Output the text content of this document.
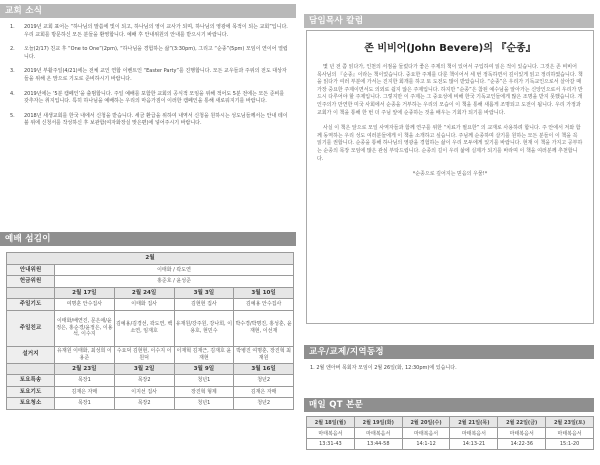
교회 소식
1.	2019년 교회 표어는 “하나님의 말씀에 빛이 되고, 하나님의 영이 교사가 되며, 하나님의 영광에 목적이 되는 교회”입니다. 우리 교회를 방문하신 모든 분들을 환영합니다. 예배 후 안내위원의 안내를 받으시기 바랍니다.
2.	오늘(2/17) 친교 후 “One to One”(2pm), “하나님을 경험하는 삶”(3:30pm), 그리고 “순종”(5pm) 모임이 연이어 열립니다.
3.	2019년 부활주일(4/21)에는 전체 교인 연합 이벤트인 “Easter Party”를 진행합니다. 모든 교우들과 주위의 전도 대상자들을 위해 온 맘으로 기도로 준비하시기 바랍니다.
4.	2019년에는 ‘5분 캠페인’을 출범합니다. 주일 예배를 포함한 교회의 공식적 모임을 위해 적어도 5분 전에는 모든 준비를 갖추자는 취지입니다. 특히 하나님을 예배하는 우리의 마음가짐이 이러한 캠페인을 통해 새로워지기를 바랍니다.
5.	2018년 새생교회를 한국 내에서 신청을 받습니다. 세금 환급을 위하여 내역서 신청을 원하시는 성도님들께서는 안내 테이블 위에 신청서를 작성하신 후 보관함(여자화장실 맞은편)에 넣어주시기 바랍니다.
예배 섬김이
2월				
안내위원	이태화 / 곽도연			
헌금위원	홍준호 / 윤성준			
	2월 17일	2월 24일	3월 3일	3월 10일
주일기도	여명훈 안수집사	이태화 집사	김현현 집사	김예용 안수집사
주일친교	이태화/배연진, 문은애/윤정은, 홍순경/윤정은, 이용석, 이수지	김예용/김경선, 곽도연, 백소연, 임재호	유재원/강주원, 강나희, 이용호, 현민수	박수경/박명진, 홍성훈, 윤재현, 이선재
설거지	유재원 이태화, 최성희 이용준	수요덕 김현현, 이수지 이원덕	이재혁 김재근, 김재호 윤재현	박병진 여명훈, 장진혁 최재원
	2월 23일	3월 2일	3월 9일	3월 16일
토요특송	목장1	목장2	청년1	청년2
토요기도	김재은 자매	이지선 집사	장진혁 형제	김재은 자매
토요청소	목장1	목장2	청년1	청년2
담임목사 칼럼
존 비비어(John Bevere)의 『순종』

몇 년 전 쯤 읽다가, 인천의 서점을 둘렀다가 좋은 주제의 책이 있어서 구입하여 읽은 적이 있습니다. 그것은 존 비비어 목사님의 『순종』이라는 책이었습니다. 중요한 주제를 다룬 책이어서 세 번 정독하면서 깊이있게 읽고 정리하였습니다. 책을 읽다가 여러 부분에 가서는 진지한 회개를 하고 또 도전도 많이 받았습니다. “순종”은 우리가 기독교인으로서 살아갈 때 가장 중요한 주제이면서도 의외로 쉽지 않은 주제입니다. 하지만 “순종”은 참된 예수님을 알아가는 신앙인으로서 우리가 반드시 다루어야 할 주제입니다. 그렇지만 이 주제는 그 중요성에 비해 한국 기독교인들에게 많은 조명을 받지 못했습니다. 개인주의가 만연한 미국 사회에서 순종을 거부하는 우리의 모습이 이 책을 통해 새롭게 조명되고 도전이 됩니다. 우리 가정과 교회가 이 책을 통해 한 번 더 주님 앞에 순종하는 것을 배우는 기회가 되기를 바랍니다.

사실 이 책은 앞으로 모일 사역자들과 함께 연구를 위한 “치료가 필요한” 의 교재로 사용하려 합니다. 주 안에서 저와 함께 동역하는 우리 성도 여러분들에게 이 책을 소개하고 싶습니다. 주님께 순종하며 살기를 원하는 모든 분들이 이 책을 꼭 읽기를 권합니다. 순종을 통해 하나님의 영광을 경험하는 삶이 우리 모두에게 있기를 바랍니다. 현재 이 책을 가지고 공부하는 순종의 목장 모임에 많은 관심 부탁드립니다. 순종의 길이 우리 삶에 실제가 되기를 바라며 이 책을 여러분께 추천합니다.

*순종으로 깊어지는 믿음의 우물!*

교우/교제/지역동정
1. 2월 엔아버 목회자 모임이 2월 26일(화, 12:30pm)에 있습니다.
매일 QT 본문
2월 18일(월)	2월 19일(화)	2월 20일(수)	2월 21일(목)	2월 22일(금)	2월 23일(토)
마태복음서	마태복음서	마태복음서	마태복음서	마태복음서	마태복음서
13:31-43	13:44-58	14:1-12	14:13-21	14:22-36	15:1-20
